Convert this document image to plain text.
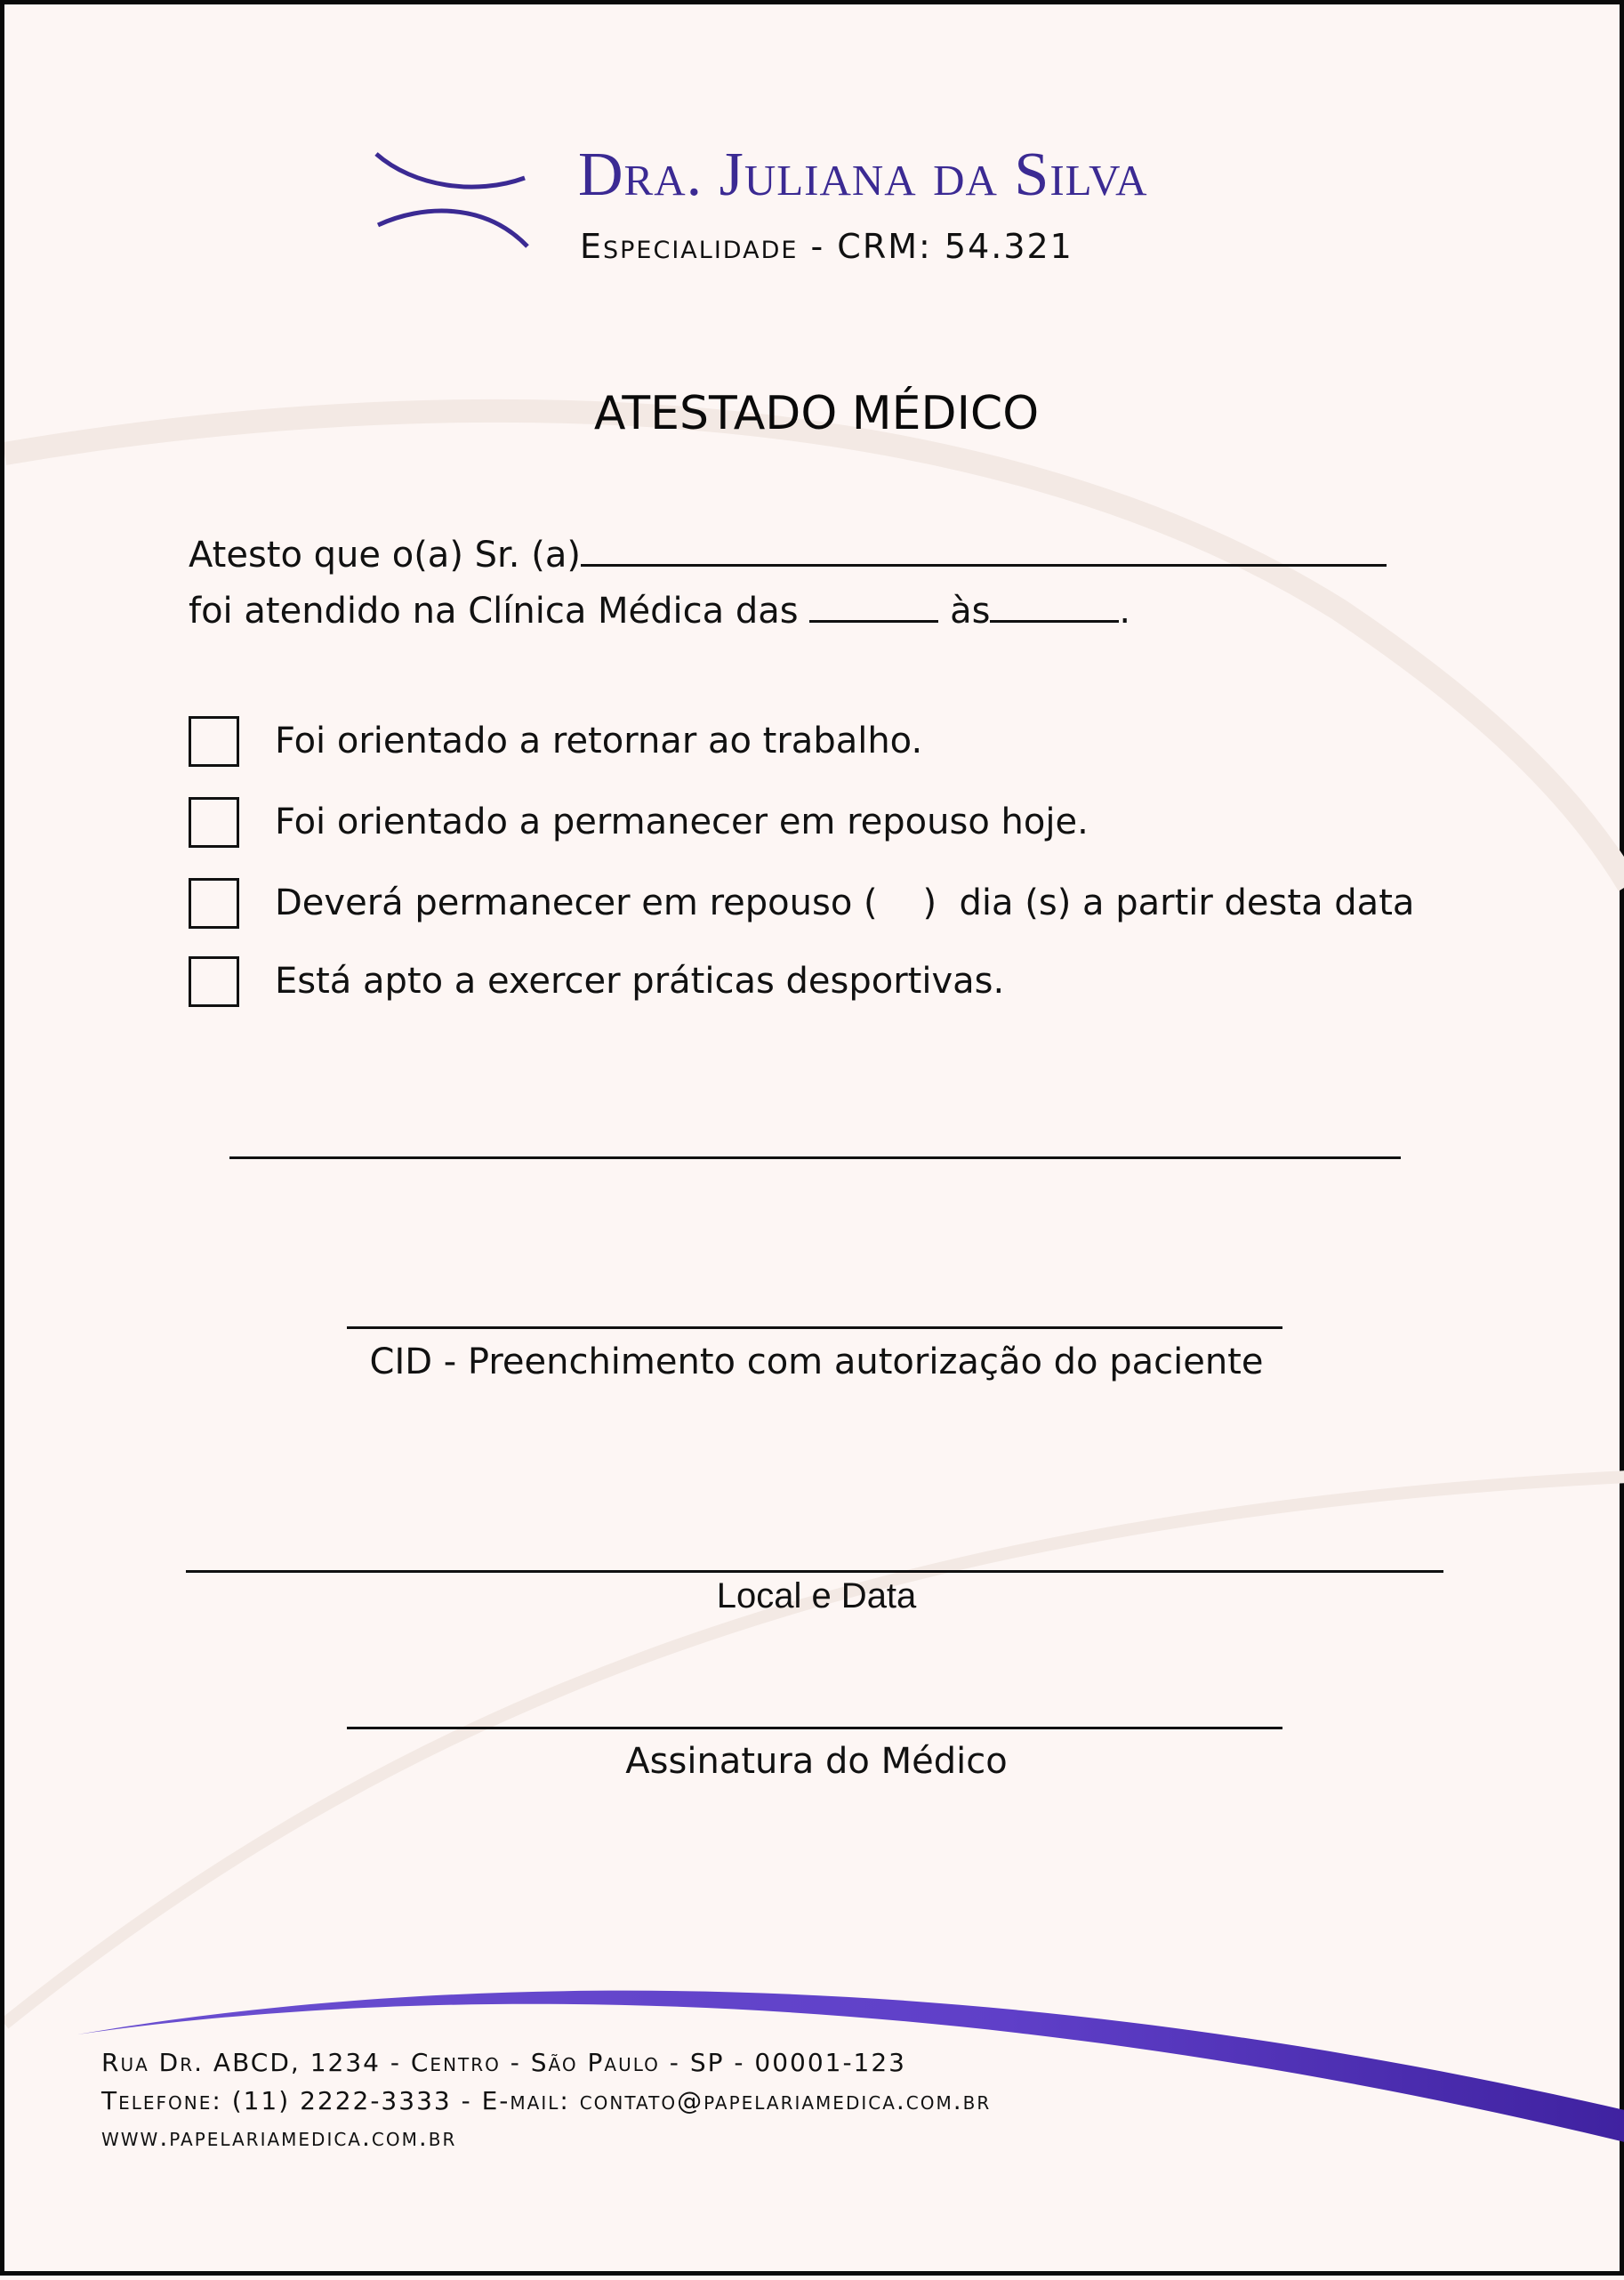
Dra. Juliana da Silva
Especialidade - CRM: 54.321
ATESTADO MÉDICO
Atesto que o(a) Sr. (a)
foi atendido na Clínica Médica das	às	.
Foi orientado a retornar ao trabalho.
Foi orientado a permanecer em repouso hoje.
Deverá permanecer em repouso (    )  dia (s) a partir desta data
Está apto a exercer práticas desportivas.
CID - Preenchimento com autorização do paciente
Local e Data
Assinatura do Médico
Rua Dr. ABCD, 1234 - Centro - São Paulo - SP - 00001-123
Telefone: (11) 2222-3333 - E-mail: contato@papelariamedica.com.br
www.papelariamedica.com.br
